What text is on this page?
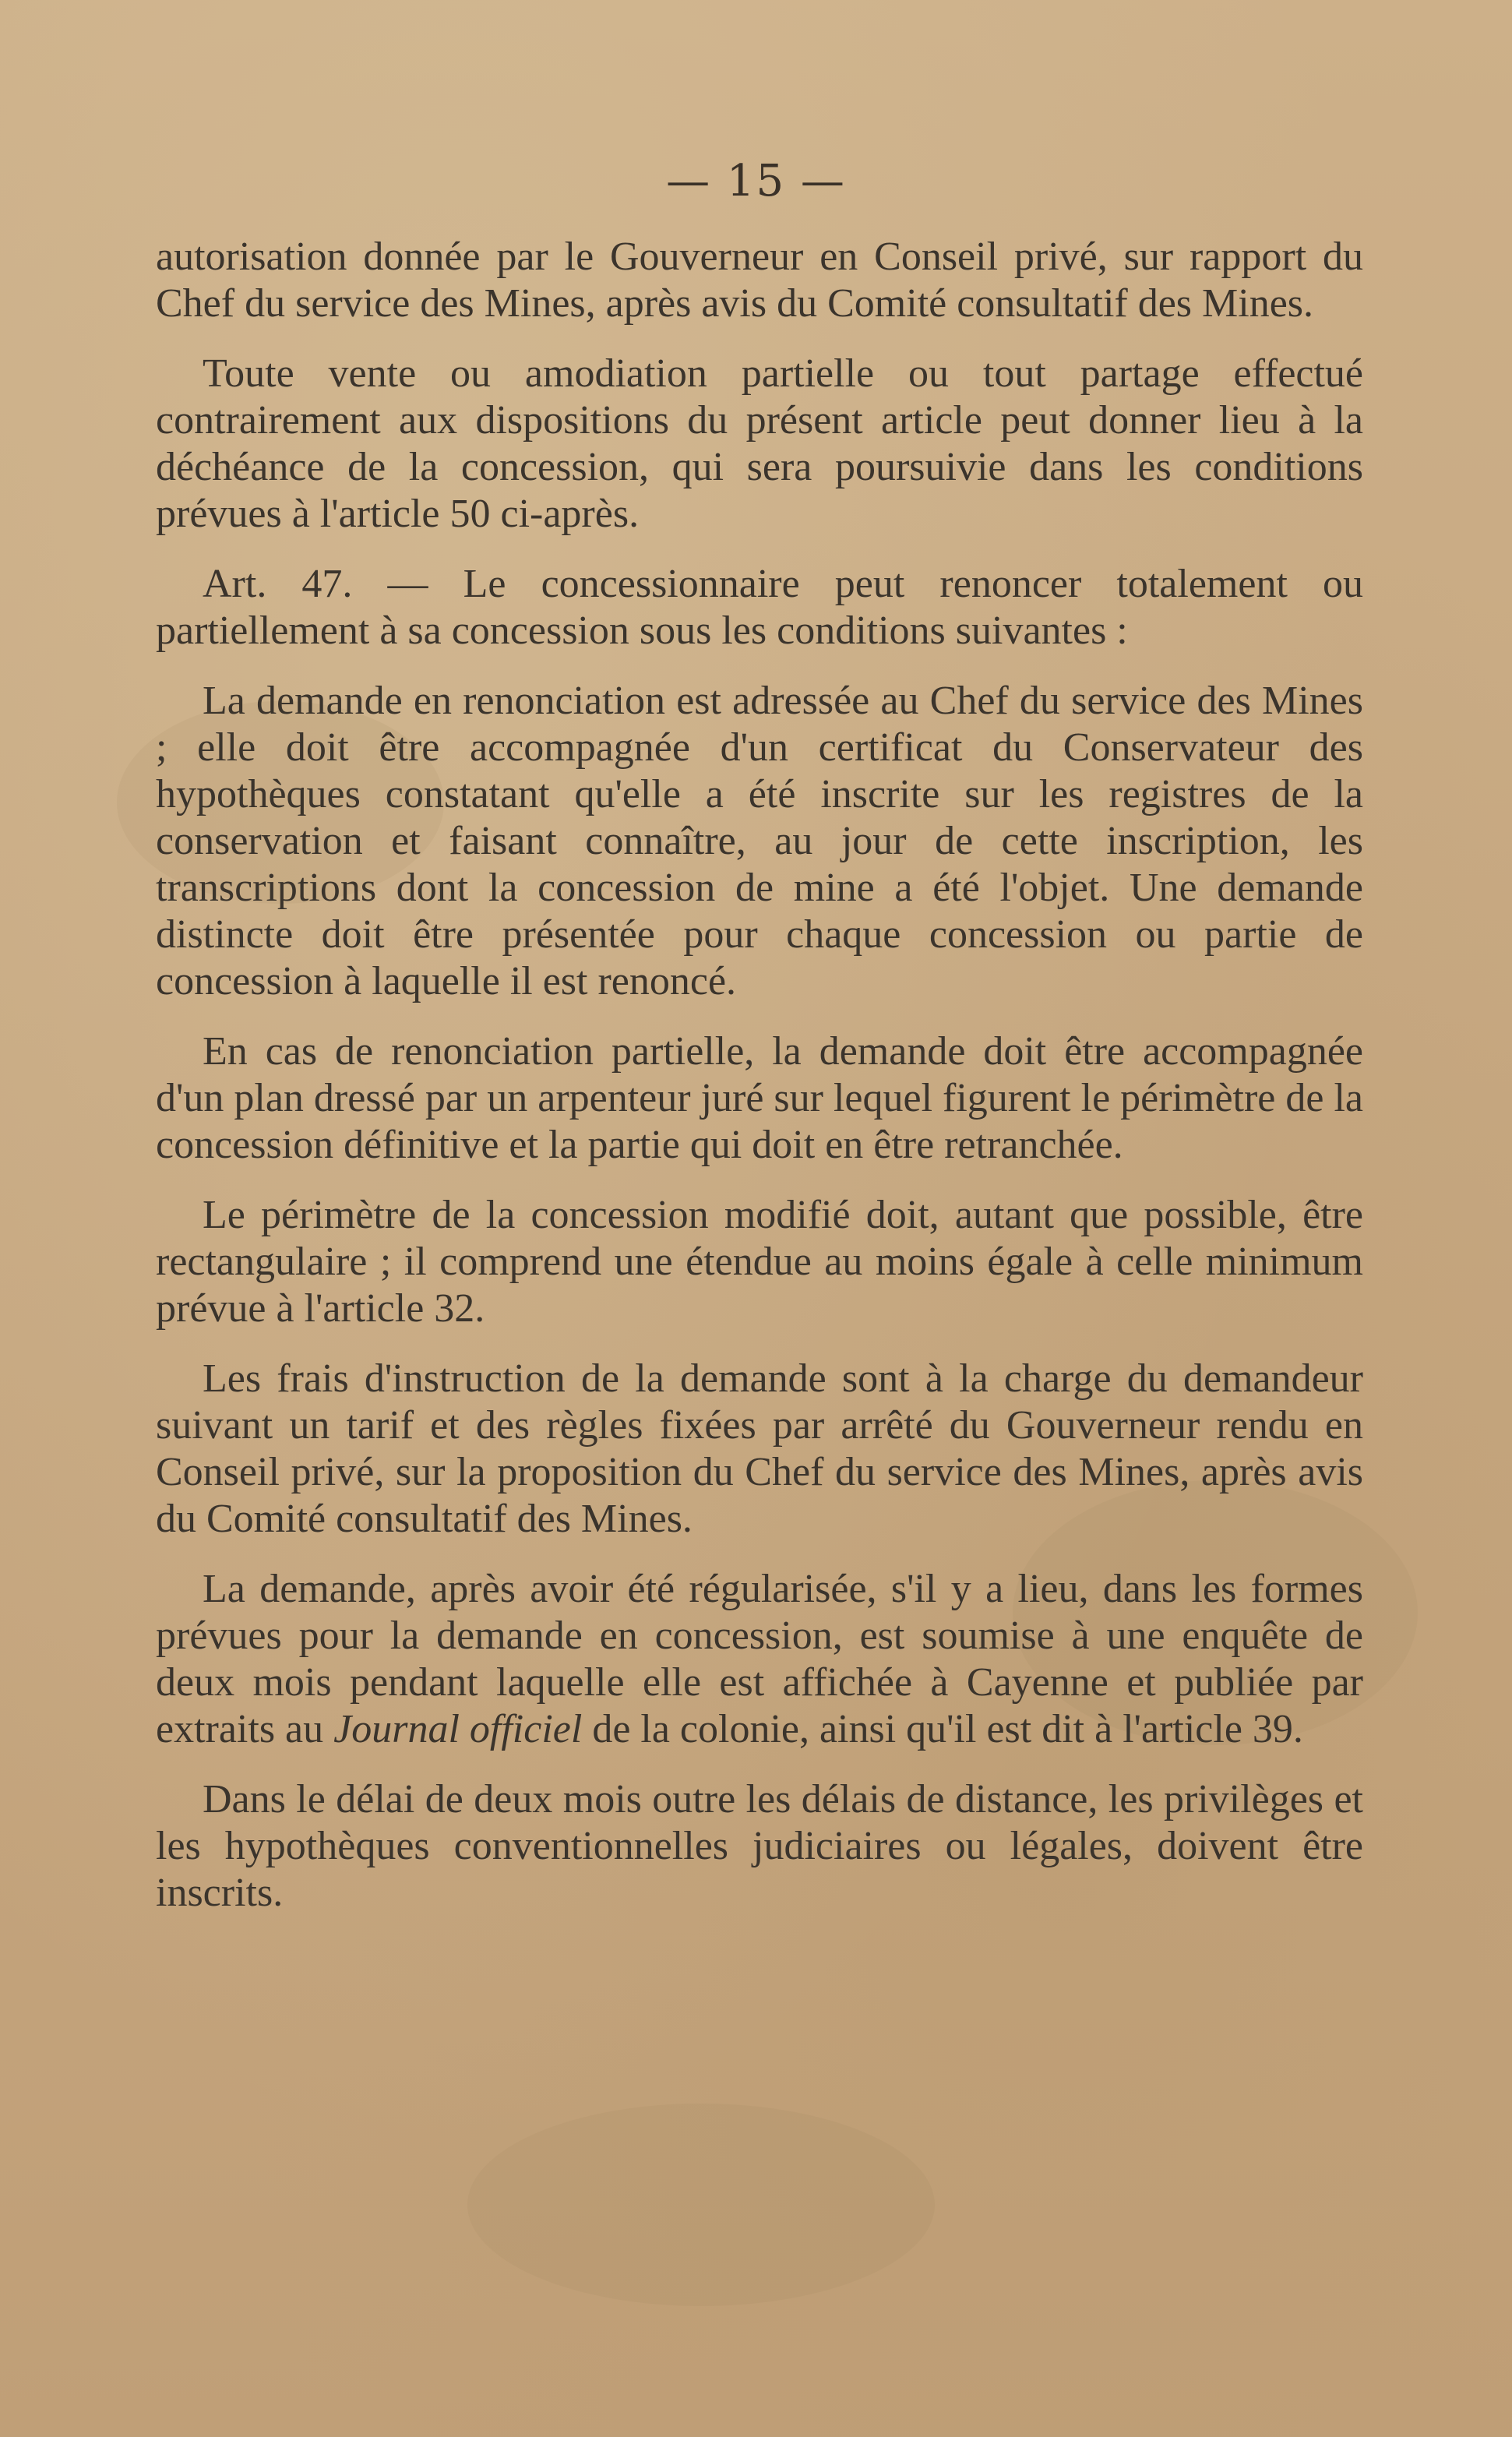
— 15 —

autorisation donnée par le Gouverneur en Conseil privé, sur rapport du Chef du service des Mines, après avis du Comité consultatif des Mines.

Toute vente ou amodiation partielle ou tout partage effectué contrairement aux dispositions du présent article peut donner lieu à la déchéance de la concession, qui sera poursuivie dans les conditions prévues à l'article 50 ci-après.

Art. 47. — Le concessionnaire peut renoncer totalement ou partiellement à sa concession sous les conditions suivantes :

La demande en renonciation est adressée au Chef du service des Mines ; elle doit être accompagnée d'un certificat du Conservateur des hypothèques constatant qu'elle a été inscrite sur les registres de la conservation et faisant connaître, au jour de cette inscription, les transcriptions dont la concession de mine a été l'objet. Une demande distincte doit être présentée pour chaque concession ou partie de concession à laquelle il est renoncé.

En cas de renonciation partielle, la demande doit être accompagnée d'un plan dressé par un arpenteur juré sur lequel figurent le périmètre de la concession définitive et la partie qui doit en être retranchée.

Le périmètre de la concession modifié doit, autant que possible, être rectangulaire ; il comprend une étendue au moins égale à celle minimum prévue à l'article 32.

Les frais d'instruction de la demande sont à la charge du demandeur suivant un tarif et des règles fixées par arrêté du Gouverneur rendu en Conseil privé, sur la proposition du Chef du service des Mines, après avis du Comité consultatif des Mines.

La demande, après avoir été régularisée, s'il y a lieu, dans les formes prévues pour la demande en concession, est soumise à une enquête de deux mois pendant laquelle elle est affichée à Cayenne et publiée par extraits au Journal officiel de la colonie, ainsi qu'il est dit à l'article 39.

Dans le délai de deux mois outre les délais de distance, les privilèges et les hypothèques conventionnelles judiciaires ou légales, doivent être inscrits.
